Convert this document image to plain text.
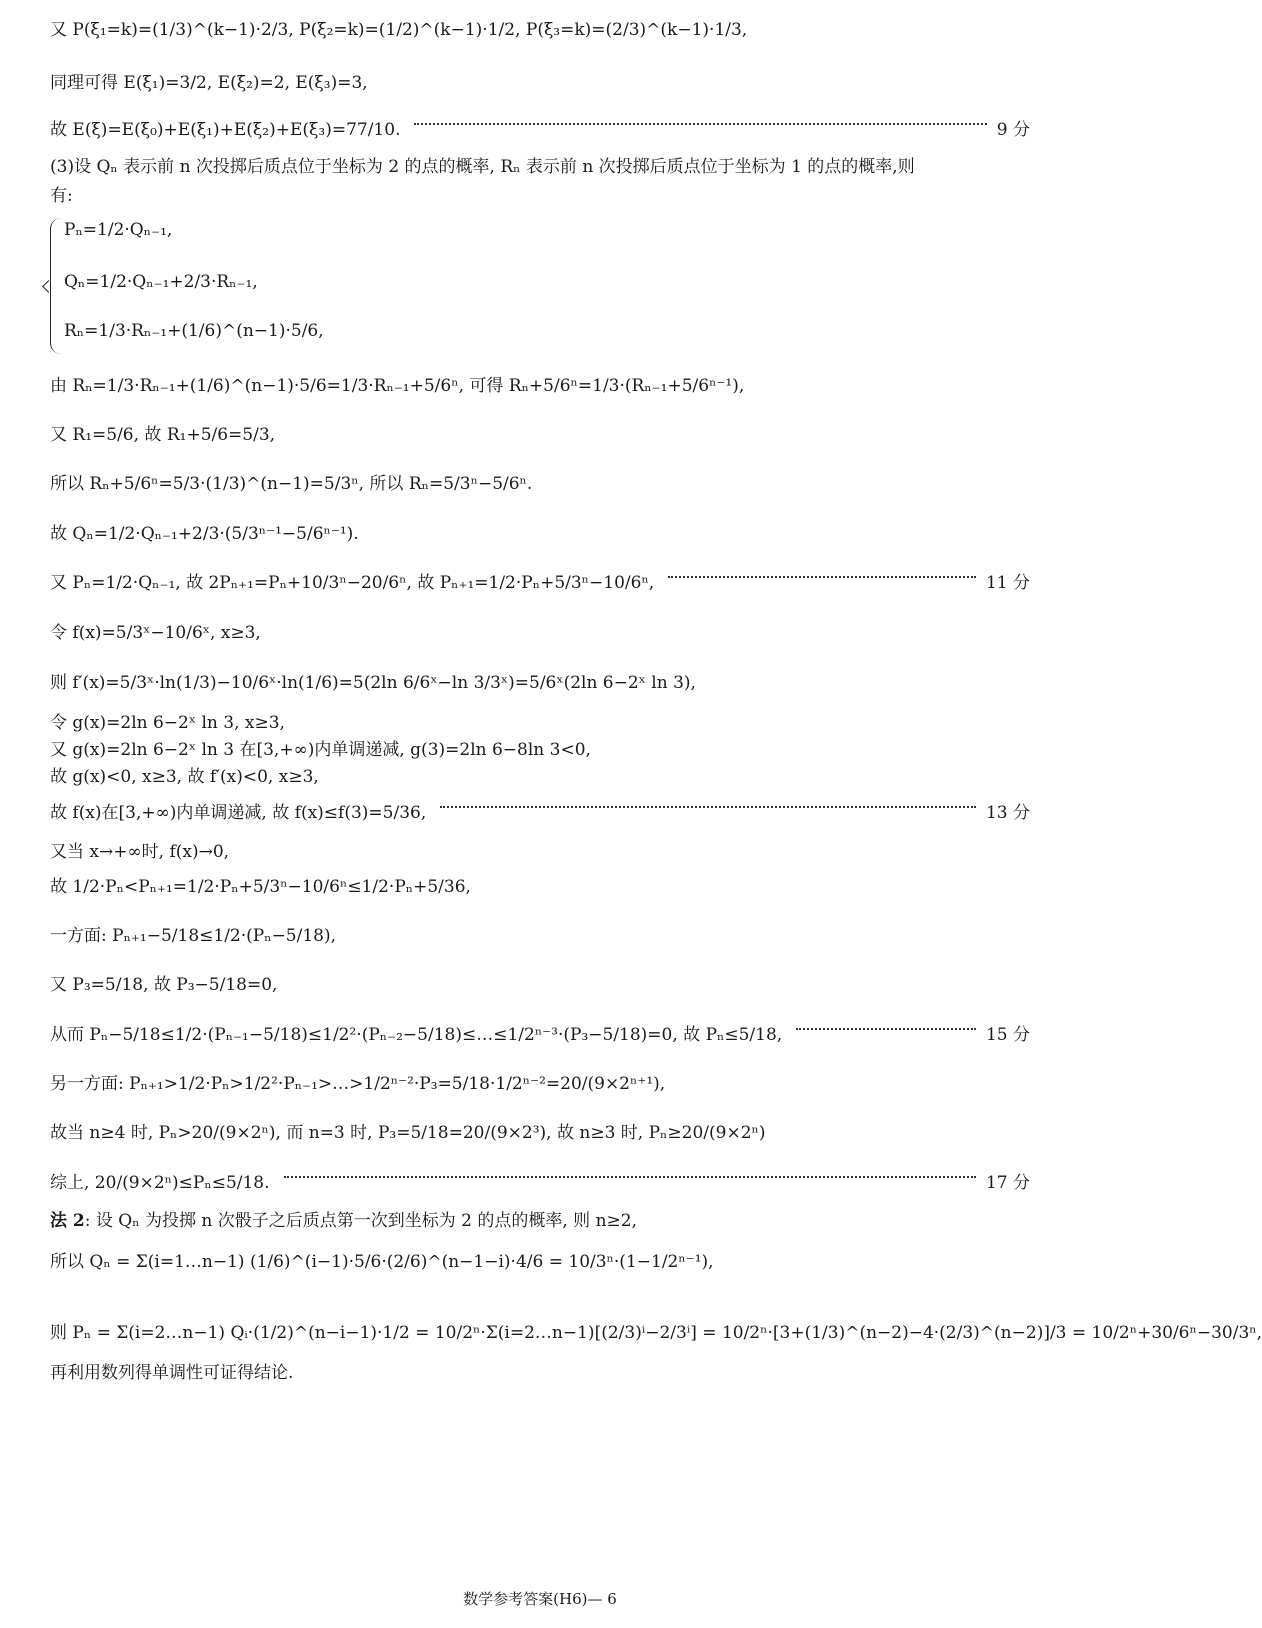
又 P(ξ₁=k)=(1/3)^(k−1)·2/3, P(ξ₂=k)=(1/2)^(k−1)·1/2, P(ξ₃=k)=(2/3)^(k−1)·1/3,
同理可得 E(ξ₁)=3/2, E(ξ₂)=2, E(ξ₃)=3,
故 E(ξ)=E(ξ₀)+E(ξ₁)+E(ξ₂)+E(ξ₃)=77/10.	9 分
(3)设 Qₙ 表示前 n 次投掷后质点位于坐标为 2 的点的概率, Rₙ 表示前 n 次投掷后质点位于坐标为 1 的点的概率,则
有:
Pₙ=1/2·Qₙ₋₁,
Qₙ=1/2·Qₙ₋₁+2/3·Rₙ₋₁,
Rₙ=1/3·Rₙ₋₁+(1/6)^(n−1)·5/6,
由 Rₙ=1/3·Rₙ₋₁+(1/6)^(n−1)·5/6=1/3·Rₙ₋₁+5/6ⁿ, 可得 Rₙ+5/6ⁿ=1/3·(Rₙ₋₁+5/6ⁿ⁻¹),
又 R₁=5/6, 故 R₁+5/6=5/3,
所以 Rₙ+5/6ⁿ=5/3·(1/3)^(n−1)=5/3ⁿ, 所以 Rₙ=5/3ⁿ−5/6ⁿ.
故 Qₙ=1/2·Qₙ₋₁+2/3·(5/3ⁿ⁻¹−5/6ⁿ⁻¹).
又 Pₙ=1/2·Qₙ₋₁, 故 2Pₙ₊₁=Pₙ+10/3ⁿ−20/6ⁿ, 故 Pₙ₊₁=1/2·Pₙ+5/3ⁿ−10/6ⁿ,	11 分
令 f(x)=5/3ˣ−10/6ˣ, x≥3,
则 f′(x)=5/3ˣ·ln(1/3)−10/6ˣ·ln(1/6)=5(2ln 6/6ˣ−ln 3/3ˣ)=5/6ˣ(2ln 6−2ˣ ln 3),
令 g(x)=2ln 6−2ˣ ln 3, x≥3,
又 g(x)=2ln 6−2ˣ ln 3 在[3,+∞)内单调递减, g(3)=2ln 6−8ln 3<0,
故 g(x)<0, x≥3, 故 f′(x)<0, x≥3,
故 f(x)在[3,+∞)内单调递减, 故 f(x)≤f(3)=5/36,	13 分
又当 x→+∞时, f(x)→0,
故 1/2·Pₙ<Pₙ₊₁=1/2·Pₙ+5/3ⁿ−10/6ⁿ≤1/2·Pₙ+5/36,
一方面: Pₙ₊₁−5/18≤1/2·(Pₙ−5/18),
又 P₃=5/18, 故 P₃−5/18=0,
从而 Pₙ−5/18≤1/2·(Pₙ₋₁−5/18)≤1/2²·(Pₙ₋₂−5/18)≤…≤1/2ⁿ⁻³·(P₃−5/18)=0, 故 Pₙ≤5/18,	15 分
另一方面: Pₙ₊₁>1/2·Pₙ>1/2²·Pₙ₋₁>…>1/2ⁿ⁻²·P₃=5/18·1/2ⁿ⁻²=20/(9×2ⁿ⁺¹),
故当 n≥4 时, Pₙ>20/(9×2ⁿ), 而 n=3 时, P₃=5/18=20/(9×2³), 故 n≥3 时, Pₙ≥20/(9×2ⁿ)
综上, 20/(9×2ⁿ)≤Pₙ≤5/18.	17 分
法 2: 设 Qₙ 为投掷 n 次骰子之后质点第一次到坐标为 2 的点的概率, 则 n≥2,
所以 Qₙ = Σ(i=1…n−1) (1/6)^(i−1)·5/6·(2/6)^(n−1−i)·4/6 = 10/3ⁿ·(1−1/2ⁿ⁻¹),
则 Pₙ = Σ(i=2…n−1) Qᵢ·(1/2)^(n−i−1)·1/2 = 10/2ⁿ·Σ(i=2…n−1)[(2/3)ⁱ−2/3ⁱ] = 10/2ⁿ·[3+(1/3)^(n−2)−4·(2/3)^(n−2)]/3 = 10/2ⁿ+30/6ⁿ−30/3ⁿ,
再利用数列得单调性可证得结论.
数学参考答案(H6)— 6
